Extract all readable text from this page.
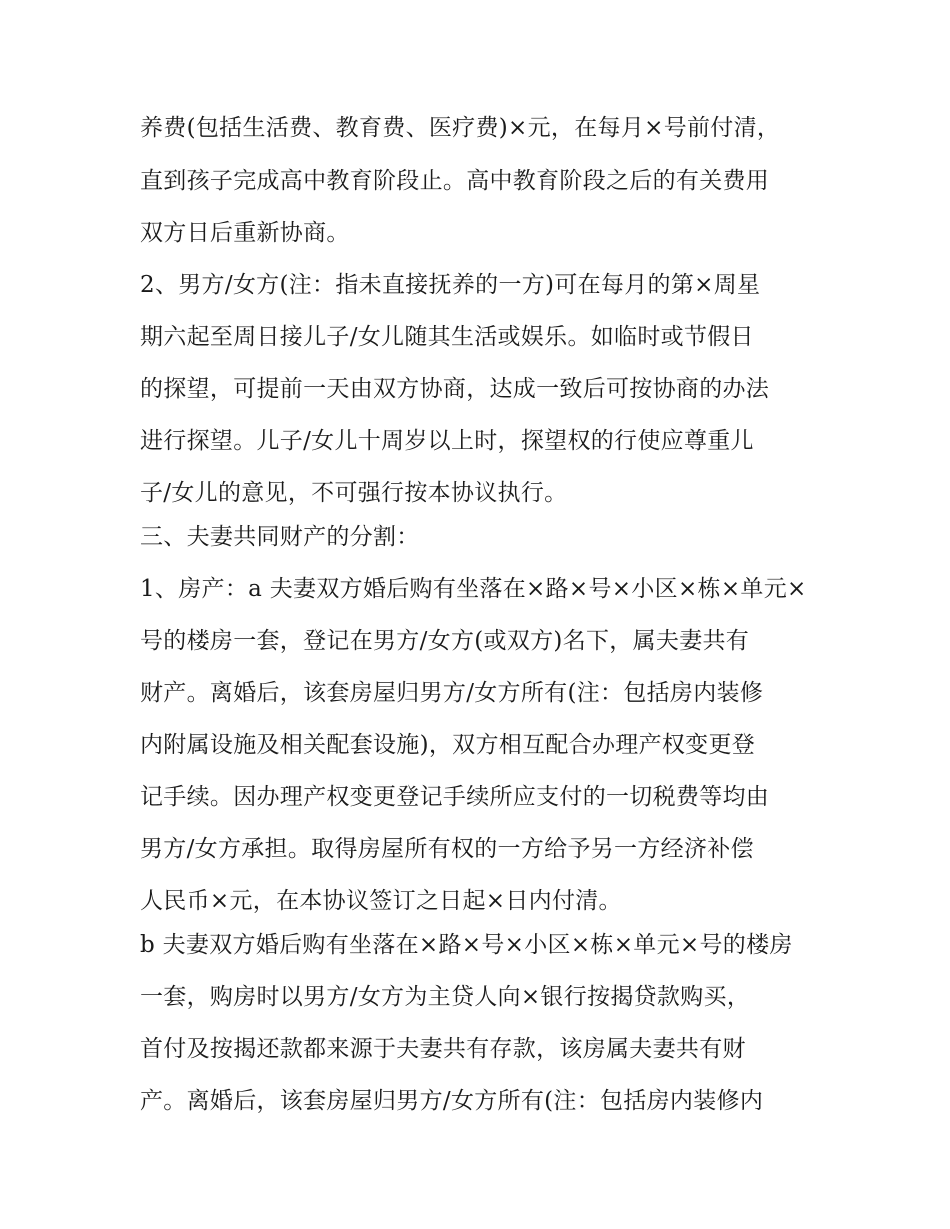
养费(包括生活费、教育费、医疗费)×元，在每月×号前付清，

直到孩子完成高中教育阶段止。高中教育阶段之后的有关费用

双方日后重新协商。

2、男方/女方(注：指未直接抚养的一方)可在每月的第×周星

期六起至周日接儿子/女儿随其生活或娱乐。如临时或节假日

的探望，可提前一天由双方协商，达成一致后可按协商的办法

进行探望。儿子/女儿十周岁以上时，探望权的行使应尊重儿

子/女儿的意见，不可强行按本协议执行。

三、夫妻共同财产的分割：

1、房产：a 夫妻双方婚后购有坐落在×路×号×小区×栋×单元×

号的楼房一套，登记在男方/女方(或双方)名下，属夫妻共有

财产。离婚后，该套房屋归男方/女方所有(注：包括房内装修

内附属设施及相关配套设施)，双方相互配合办理产权变更登

记手续。因办理产权变更登记手续所应支付的一切税费等均由

男方/女方承担。取得房屋所有权的一方给予另一方经济补偿

人民币×元，在本协议签订之日起×日内付清。

b 夫妻双方婚后购有坐落在×路×号×小区×栋×单元×号的楼房

一套，购房时以男方/女方为主贷人向×银行按揭贷款购买，

首付及按揭还款都来源于夫妻共有存款，该房属夫妻共有财

产。离婚后，该套房屋归男方/女方所有(注：包括房内装修内
